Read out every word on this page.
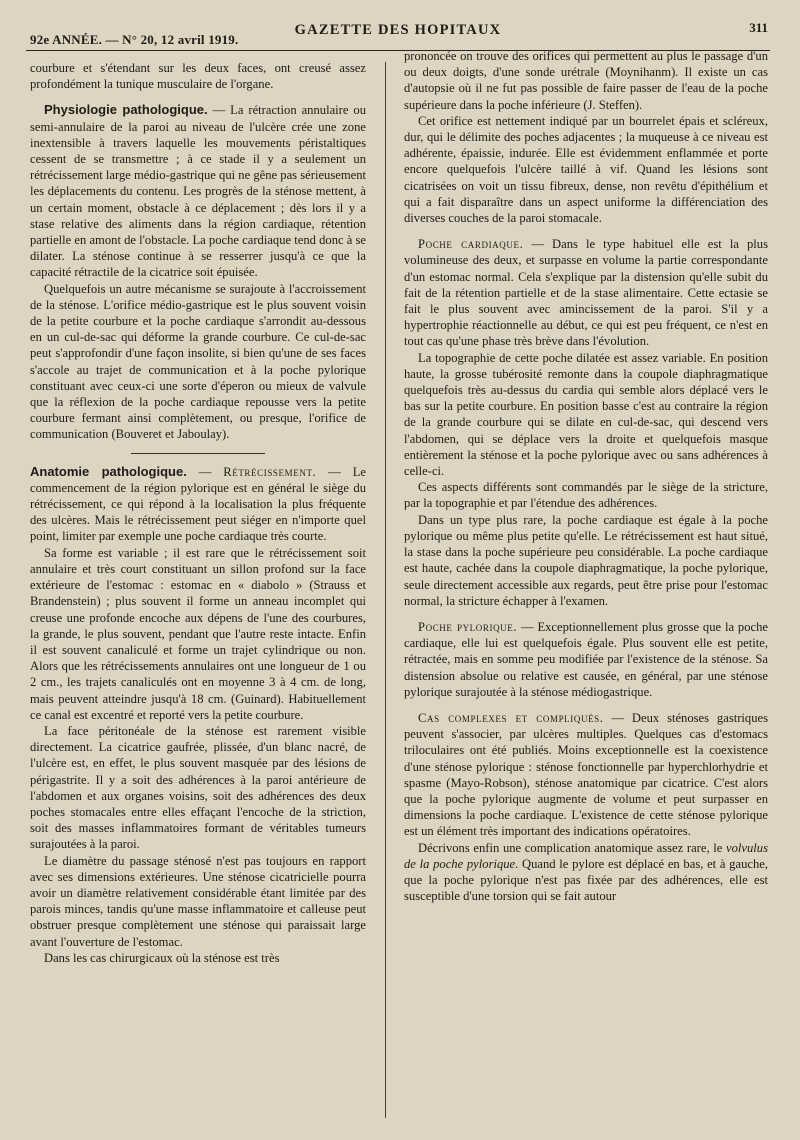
92e ANNÉE. — N° 20, 12 avril 1919.
GAZETTE DES HOPITAUX	311

courbure et s'étendant sur les deux faces, ont creusé assez profondément la tunique musculaire de l'organe.

Physiologie pathologique. — La rétraction annulaire ou semi-annulaire de la paroi au niveau de l'ulcère crée une zone inextensible à travers laquelle les mouvements péristaltiques cessent de se transmettre ; à ce stade il y a seulement un rétrécissement large médio-gastrique qui ne gêne pas sérieusement les déplacements du contenu. Les progrès de la sténose mettent, à un certain moment, obstacle à ce déplacement ; dès lors il y a stase relative des aliments dans la région cardiaque, rétention partielle en amont de l'obstacle. La poche cardiaque tend donc à se dilater. La sténose continue à se resserrer jusqu'à ce que la capacité rétractile de la cicatrice soit épuisée.

Quelquefois un autre mécanisme se surajoute à l'accroissement de la sténose. L'orifice médio-gastrique est le plus souvent voisin de la petite courbure et la poche cardiaque s'arrondit au-dessous en un cul-de-sac qui déforme la grande courbure. Ce cul-de-sac peut s'approfondir d'une façon insolite, si bien qu'une de ses faces s'accole au trajet de communication et à la poche pylorique constituant avec ceux-ci une sorte d'éperon ou mieux de valvule que la réflexion de la poche cardiaque repousse vers la petite courbure fermant ainsi complètement, ou presque, l'orifice de communication (Bouveret et Jaboulay).

Anatomie pathologique. — Rétrécissement. — Le commencement de la région pylorique est en général le siège du rétrécissement, ce qui répond à la localisation la plus fréquente des ulcères. Mais le rétrécissement peut siéger en n'importe quel point, limiter par exemple une poche cardiaque très courte.

Sa forme est variable ; il est rare que le rétrécissement soit annulaire et très court constituant un sillon profond sur la face extérieure de l'estomac : estomac en « diabolo » (Strauss et Brandenstein) ; plus souvent il forme un anneau incomplet qui creuse une profonde encoche aux dépens de l'une des courbures, la grande, le plus souvent, pendant que l'autre reste intacte. Enfin il est souvent canaliculé et forme un trajet cylindrique ou non. Alors que les rétrécissements annulaires ont une longueur de 1 ou 2 cm., les trajets canaliculés ont en moyenne 3 à 4 cm. de long, mais peuvent atteindre jusqu'à 18 cm. (Guinard). Habituellement ce canal est excentré et reporté vers la petite courbure.

La face péritonéale de la sténose est rarement visible directement. La cicatrice gaufrée, plissée, d'un blanc nacré, de l'ulcère est, en effet, le plus souvent masquée par des lésions de périgastrite. Il y a soit des adhérences à la paroi antérieure de l'abdomen et aux organes voisins, soit des adhérences des deux poches stomacales entre elles effaçant l'encoche de la striction, soit des masses inflammatoires formant de véritables tumeurs surajoutées à la paroi.

Le diamètre du passage sténosé n'est pas toujours en rapport avec ses dimensions extérieures. Une sténose cicatricielle pourra avoir un diamètre relativement considérable étant limitée par des parois minces, tandis qu'une masse inflammatoire et calleuse peut obstruer presque complètement une sténose qui paraissait large avant l'ouverture de l'estomac.

Dans les cas chirurgicaux où la sténose est très

prononcée on trouve des orifices qui permettent au plus le passage d'un ou deux doigts, d'une sonde urétrale (Moynihanm). Il existe un cas d'autopsie où il ne fut pas possible de faire passer de l'eau de la poche supérieure dans la poche inférieure (J. Steffen).

Cet orifice est nettement indiqué par un bourrelet épais et scléreux, dur, qui le délimite des poches adjacentes ; la muqueuse à ce niveau est adhérente, épaissie, indurée. Elle est évidemment enflammée et porte encore quelquefois l'ulcère taillé à vif. Quand les lésions sont cicatrisées on voit un tissu fibreux, dense, non revêtu d'épithélium et qui a fait disparaître dans un aspect uniforme la différenciation des diverses couches de la paroi stomacale.

Poche cardiaque. — Dans le type habituel elle est la plus volumineuse des deux, et surpasse en volume la partie correspondante d'un estomac normal. Cela s'explique par la distension qu'elle subit du fait de la rétention partielle et de la stase alimentaire. Cette ectasie se fait le plus souvent avec amincissement de la paroi. S'il y a hypertrophie réactionnelle au début, ce qui est peu fréquent, ce n'est en tout cas qu'une phase très brève dans l'évolution.

La topographie de cette poche dilatée est assez variable. En position haute, la grosse tubérosité remonte dans la coupole diaphragmatique quelquefois très au-dessus du cardia qui semble alors déplacé vers le bas sur la petite courbure. En position basse c'est au contraire la région de la grande courbure qui se dilate en cul-de-sac, qui descend vers l'abdomen, qui se déplace vers la droite et quelquefois masque entièrement la sténose et la poche pylorique avec ou sans adhérences à celle-ci.

Ces aspects différents sont commandés par le siège de la stricture, par la topographie et par l'étendue des adhérences.

Dans un type plus rare, la poche cardiaque est égale à la poche pylorique ou même plus petite qu'elle. Le rétrécissement est haut situé, la stase dans la poche supérieure peu considérable. La poche cardiaque est haute, cachée dans la coupole diaphragmatique, la poche pylorique, seule directement accessible aux regards, peut être prise pour l'estomac normal, la stricture échapper à l'examen.

Poche pylorique. — Exceptionnellement plus grosse que la poche cardiaque, elle lui est quelquefois égale. Plus souvent elle est petite, rétractée, mais en somme peu modifiée par l'existence de la sténose. Sa distension absolue ou relative est causée, en général, par une sténose pylorique surajoutée à la sténose médiogastrique.

Cas complexes et compliqués. — Deux sténoses gastriques peuvent s'associer, par ulcères multiples. Quelques cas d'estomacs triloculaires ont été publiés. Moins exceptionnelle est la coexistence d'une sténose pylorique : sténose fonctionnelle par hyperchlorhydrie et spasme (Mayo-Robson), sténose anatomique par cicatrice. C'est alors que la poche pylorique augmente de volume et peut surpasser en dimensions la poche cardiaque. L'existence de cette sténose pylorique est un élément très important des indications opératoires.

Décrivons enfin une complication anatomique assez rare, le volvulus de la poche pylorique. Quand le pylore est déplacé en bas, et à gauche, que la poche pylorique n'est pas fixée par des adhérences, elle est susceptible d'une torsion qui se fait autour
